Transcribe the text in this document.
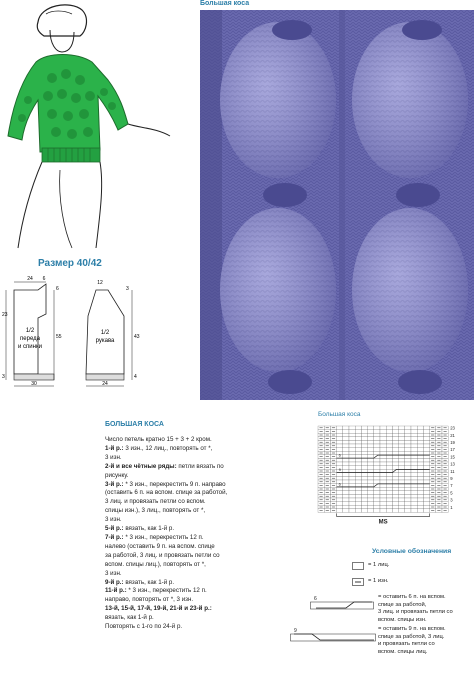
Большая коса
Размер 40/42
1/2
переда
и спинки
24 6
23
55
30
3
6
1/2
рукава
12
3
43
24
4
БОЛЬШАЯ КОСА
Число петель кратно 15 + 3 + 2 кром.
1-й р.: 3 изн., 12 лиц., повторять от *,
3 изн.
2-й и все чётные ряды: петли вязать по
рисунку.
3-й р.: * 3 изн., перекрестить 9 п. направо
(оставить 6 п. на вспом. спице за работой,
3 лиц. и провязать петли со вспом.
спицы изн.), 3 лиц., повторять от *,
3 изн.
5-й р.: вязать, как 1-й р.
7-й р.: * 3 изн., перекрестить 12 п.
налево (оставить 9 п. на вспом. спице
за работой, 3 лиц. и провязать петли со
вспом. спицы лиц.), повторять от *,
3 изн.
9-й р.: вязать, как 1-й р.
11-й р.: * 3 изн., перекрестить 12 п.
направо, повторять от *, 3 изн.
13-й, 15-й, 17-й, 19-й, 21-й и 23-й р.:
вязать, как 1-й р.
Повторять с 1-го по 24-й р.
Большая коса
23
21
19
17
15
13
11
9
7
5
3
1
6
9
6
MS
Условные обозначения
= 1 лиц.
= 1 изн.
6	= оставить 6 п. на вспом.
спице за работой,
3 лиц. и провязать петли со
вспом. спицы изн.
9	= оставить 9 п. на вспом.
спице за работой, 3 лиц.
и провязать петли со
вспом. спицы лиц.
